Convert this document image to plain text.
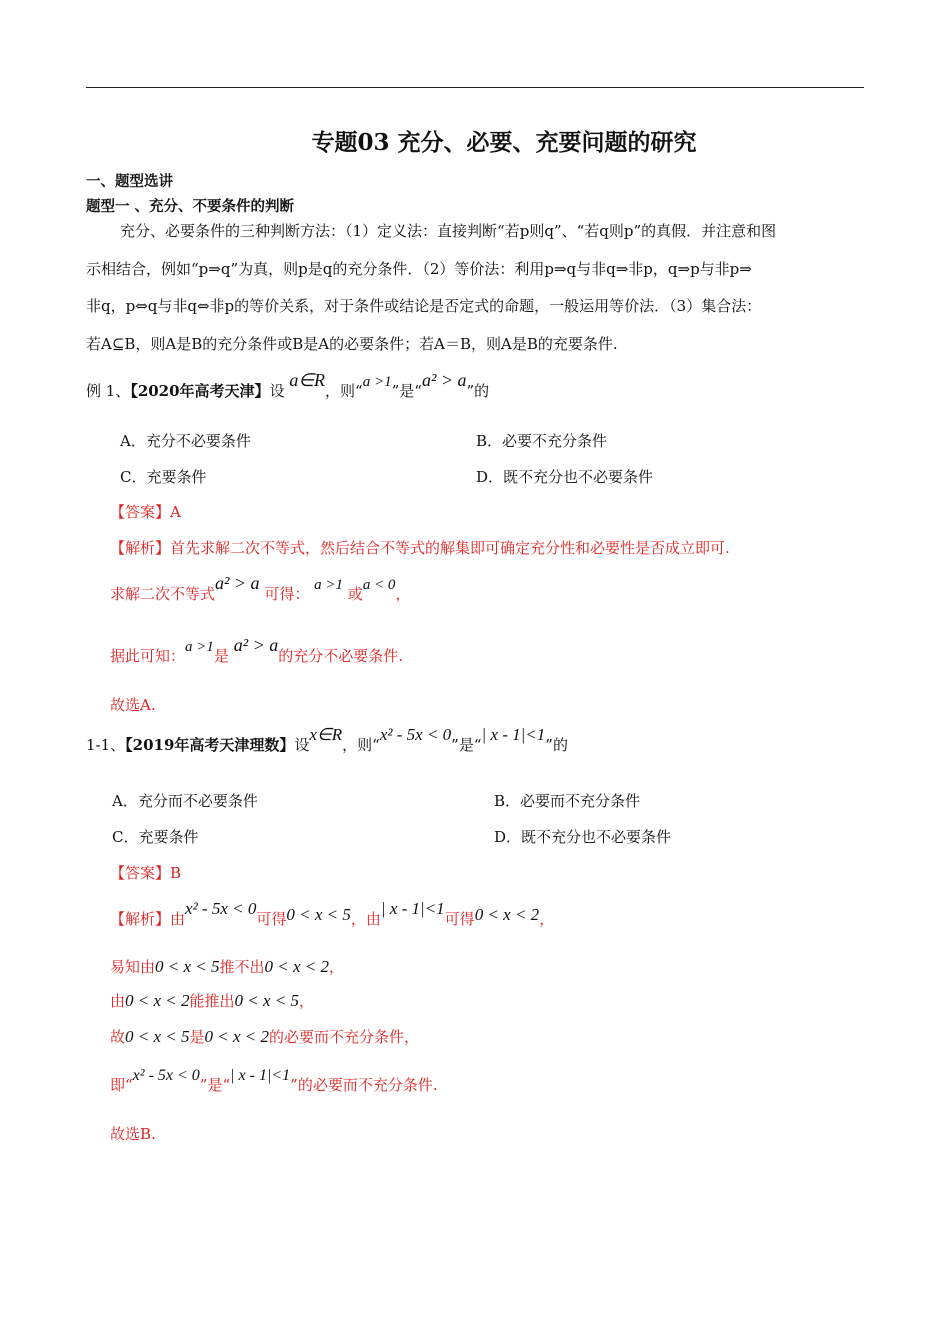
专题03 充分、必要、充要问题的研究
一、题型选讲
题型一 、充分、不要条件的判断
充分、必要条件的三种判断方法：（1）定义法：直接判断“若p则q”、“若q则p”的真假．并注意和图
示相结合，例如“p⇒q”为真，则p是q的充分条件．（2）等价法：利用p⇒q与非q⇒非p，q⇒p与非p⇒
非q，p⇔q与非q⇔非p的等价关系，对于条件或结论是否定式的命题，一般运用等价法．（3）集合法：
若A⊆B，则A是B的充分条件或B是A的必要条件；若A＝B，则A是B的充要条件.
例 1、【2020年高考天津】设 a∈R，则“a >1”是“a² > a”的
A．充分不必要条件	B．必要不充分条件
C．充要条件	D．既不充分也不必要条件
【答案】A
【解析】首先求解二次不等式，然后结合不等式的解集即可确定充分性和必要性是否成立即可.
求解二次不等式a² > a 可得： a >1 或a < 0，
据此可知：a >1是 a² > a的充分不必要条件.
故选A.
1-1、【2019年高考天津理数】设x∈R，则“x² - 5x < 0”是“| x - 1|<1”的
A．充分而不必要条件	B．必要而不充分条件
C．充要条件	D．既不充分也不必要条件
【答案】B
【解析】由x² - 5x < 0可得0 < x < 5，由| x - 1|<1可得0 < x < 2，
易知由0 < x < 5推不出0 < x < 2，
由0 < x < 2能推出0 < x < 5，
故0 < x < 5是0 < x < 2的必要而不充分条件，
即“x² - 5x < 0”是“| x - 1|<1”的必要而不充分条件.
故选B.
